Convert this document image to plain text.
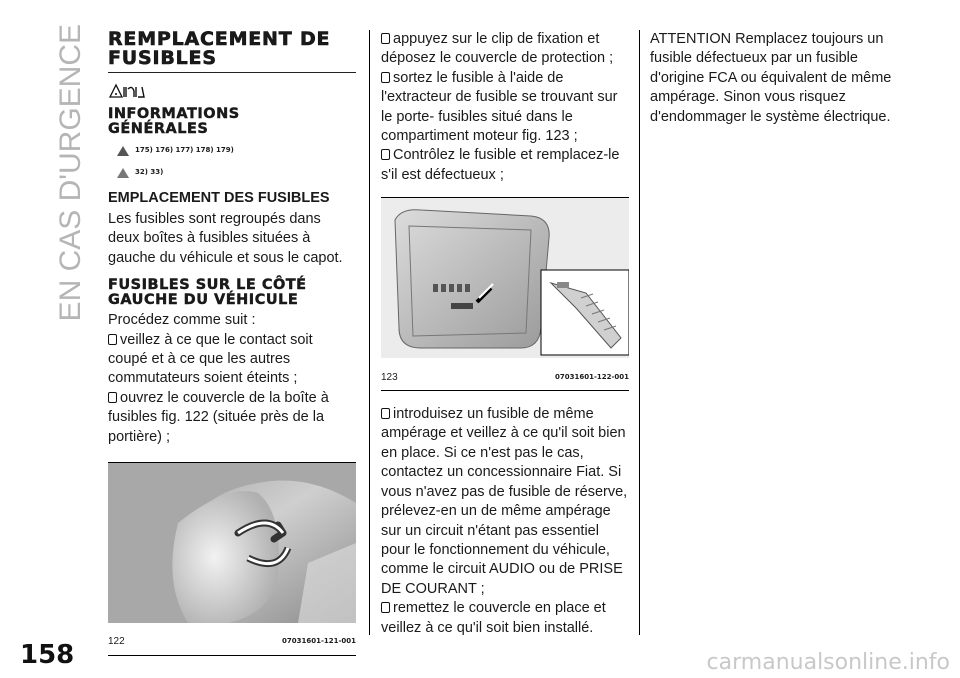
EN CAS D'URGENCE REMPLACEMENT DE
FUSIBLES
INFORMATIONS
GÉNÉRALES
175) 176) 177) 178) 179)
32) 33)
EMPLACEMENT DES FUSIBLES

Les fusibles sont regroupés dans deux boîtes à fusibles situées à gauche du véhicule et sous le capot.

FUSIBLES SUR LE CÔTÉ
GAUCHE DU VÉHICULE

Procédez comme suit :

veillez à ce que le contact soit coupé et à ce que les autres commutateurs soient éteints ;

ouvrez le couvercle de la boîte à fusibles fig. 122 (située près de la portière) ;

122	07031601-121-001

appuyez sur le clip de fixation et déposez le couvercle de protection ;

sortez le fusible à l'aide de l'extracteur de fusible se trouvant sur le porte- fusibles situé dans le compartiment moteur fig. 123 ;

Contrôlez le fusible et remplacez-le s'il est défectueux ;

123	07031601-122-001

introduisez un fusible de même ampérage et veillez à ce qu'il soit bien en place. Si ce n'est pas le cas, contactez un concessionnaire Fiat. Si vous n'avez pas de fusible de réserve, prélevez-en un de même ampérage sur un circuit n'étant pas essentiel pour le fonctionnement du véhicule, comme le circuit AUDIO ou de PRISE DE COURANT ;

remettez le couvercle en place et veillez à ce qu'il soit bien installé.

ATTENTION Remplacez toujours un fusible défectueux par un fusible d'origine FCA ou équivalent de même ampérage. Sinon vous risquez d'endommager le système électrique.

158	carmanualsonline.info
